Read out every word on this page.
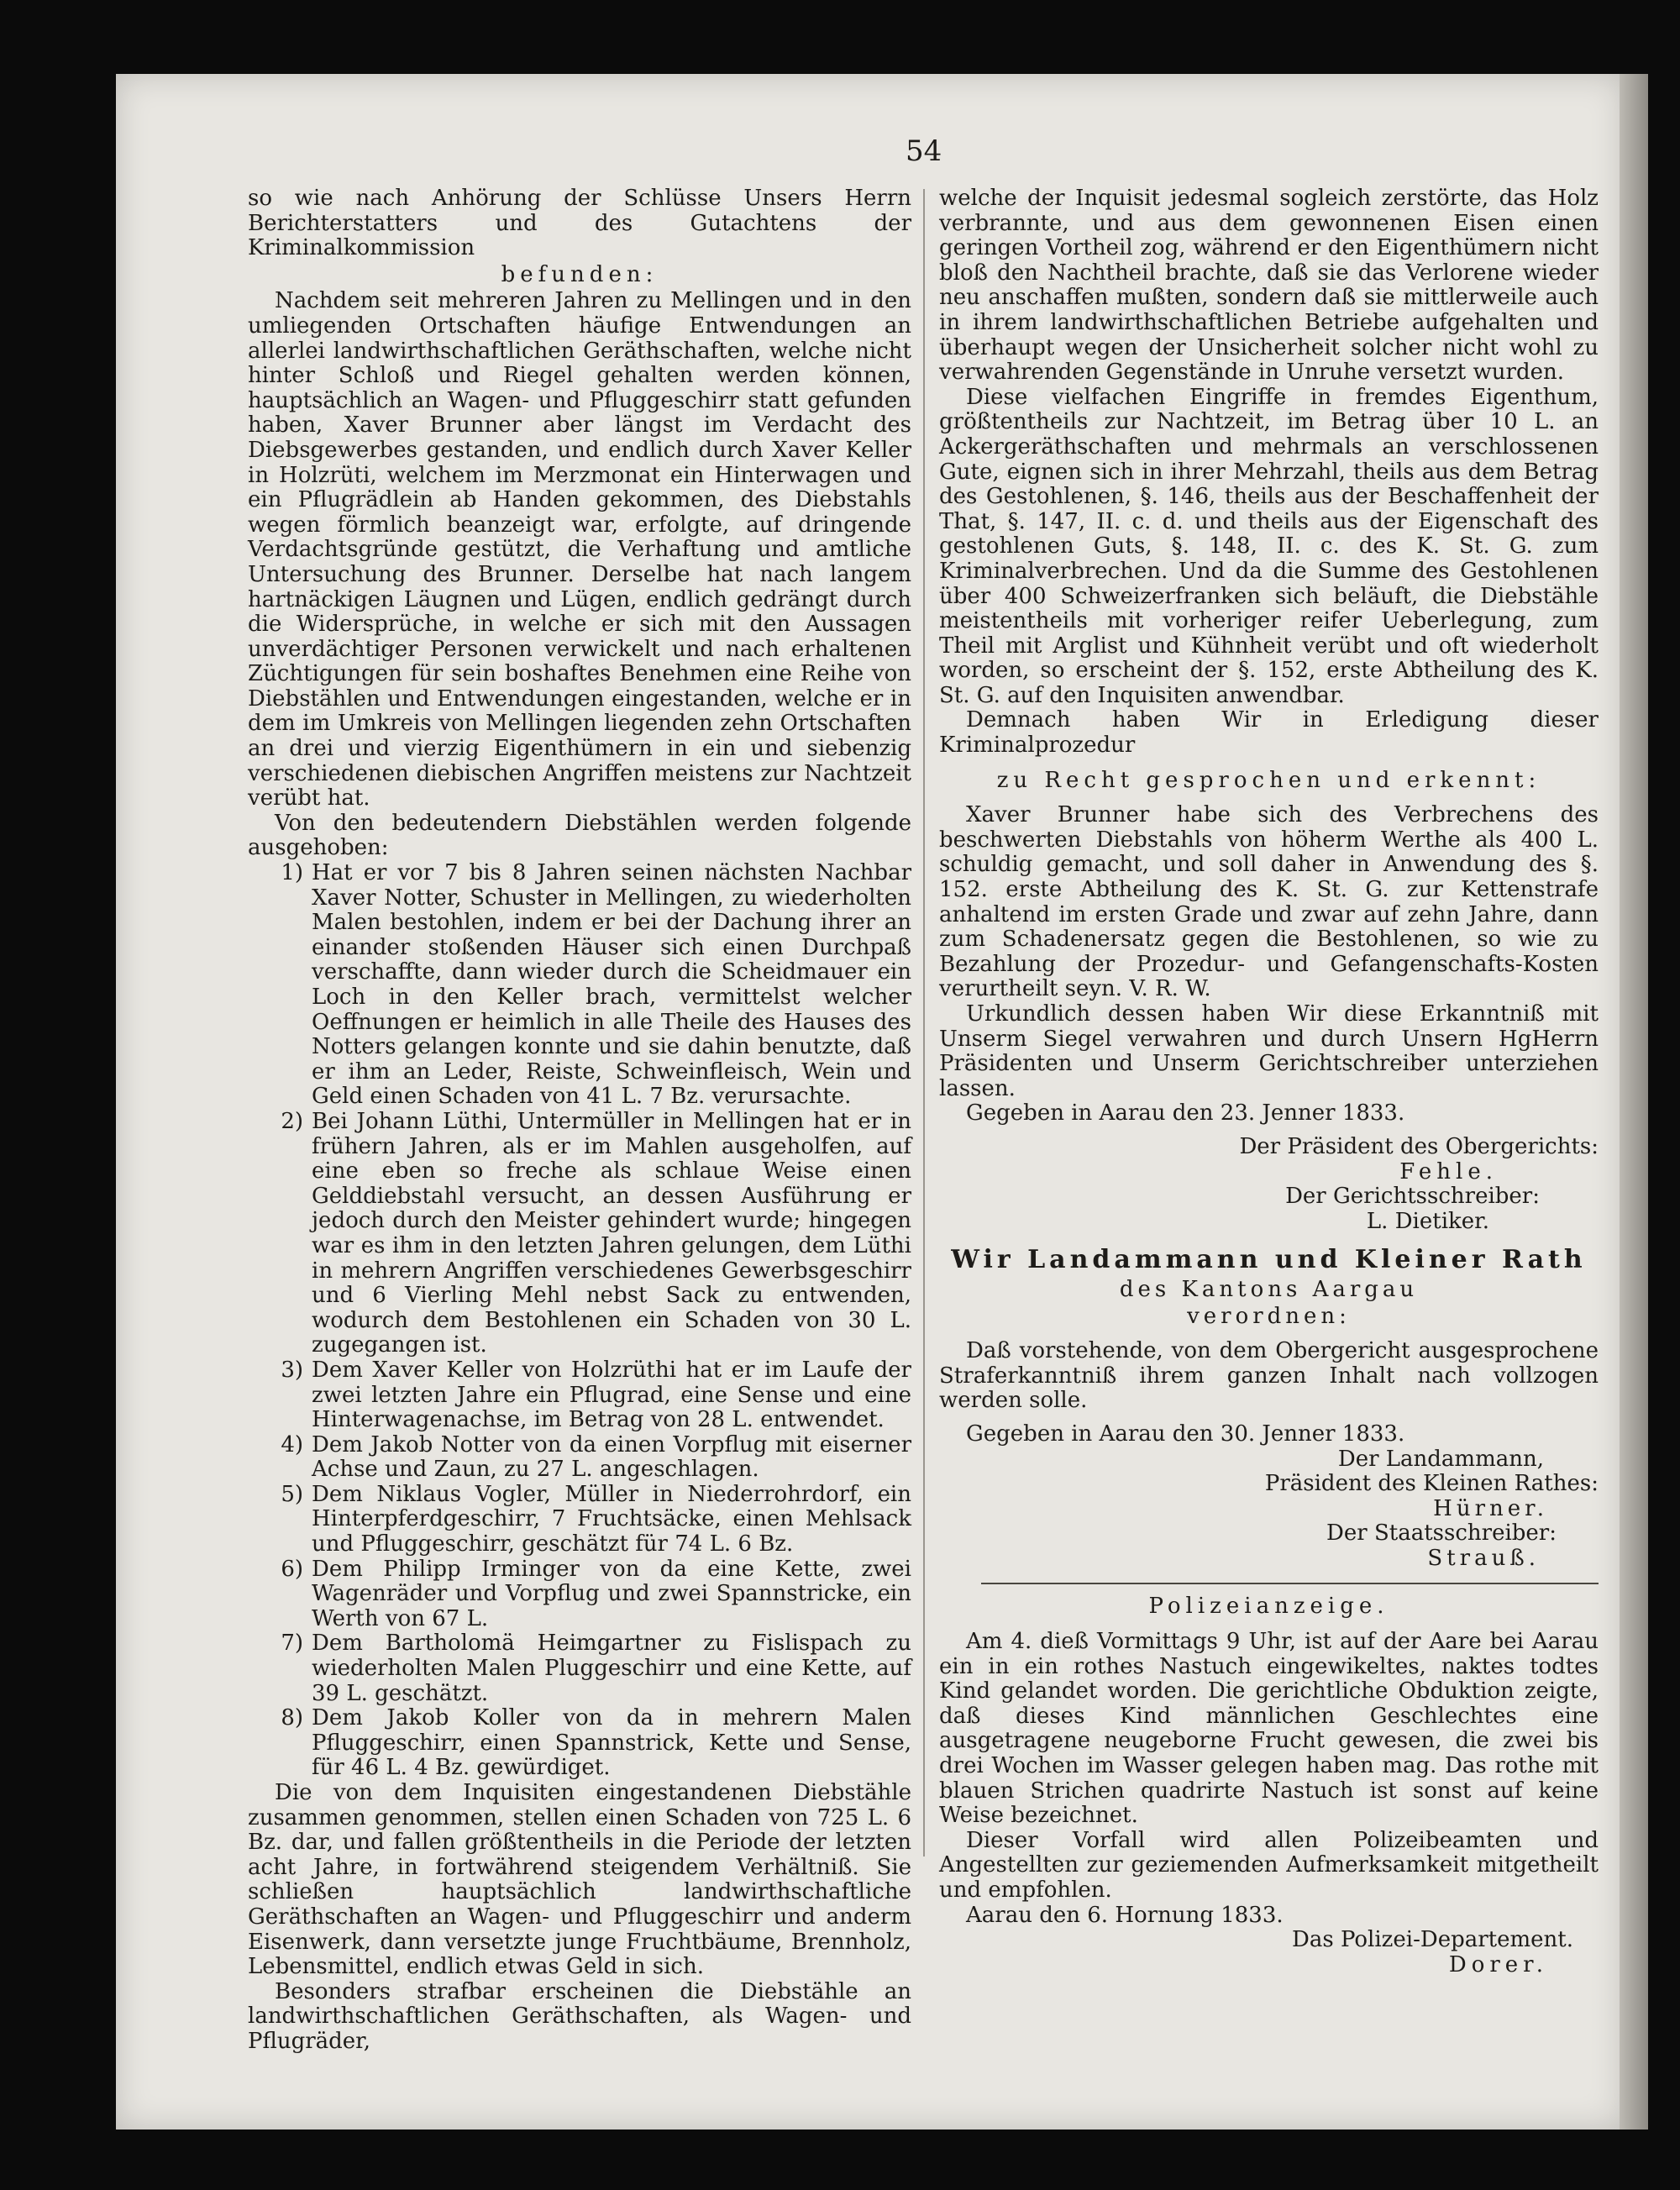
54

so wie nach Anhörung der Schlüsse Unsers Herrn Berichterstatters und des Gutachtens der Kriminalkommission

befunden:

Nachdem seit mehreren Jahren zu Mellingen und in den umliegenden Ortschaften häufige Entwendungen an allerlei landwirthschaftlichen Geräthschaften, welche nicht hinter Schloß und Riegel gehalten werden können, hauptsächlich an Wagen- und Pfluggeschirr statt gefunden haben, Xaver Brunner aber längst im Verdacht des Diebsgewerbes gestanden, und endlich durch Xaver Keller in Holzrüti, welchem im Merzmonat ein Hinterwagen und ein Pflugrädlein ab Handen gekommen, des Diebstahls wegen förmlich beanzeigt war, erfolgte, auf dringende Verdachtsgründe gestützt, die Verhaftung und amtliche Untersuchung des Brunner. Derselbe hat nach langem hartnäckigen Läugnen und Lügen, endlich gedrängt durch die Widersprüche, in welche er sich mit den Aussagen unverdächtiger Personen verwickelt und nach erhaltenen Züchtigungen für sein boshaftes Benehmen eine Reihe von Diebstählen und Entwendungen eingestanden, welche er in dem im Umkreis von Mellingen liegenden zehn Ortschaften an drei und vierzig Eigenthümern in ein und siebenzig verschiedenen diebischen Angriffen meistens zur Nachtzeit verübt hat.

Von den bedeutendern Diebstählen werden folgende ausgehoben:

1) Hat er vor 7 bis 8 Jahren seinen nächsten Nachbar Xaver Notter, Schuster in Mellingen, zu wiederholten Malen bestohlen, indem er bei der Dachung ihrer an einander stoßenden Häuser sich einen Durchpaß verschaffte, dann wieder durch die Scheidmauer ein Loch in den Keller brach, vermittelst welcher Oeffnungen er heimlich in alle Theile des Hauses des Notters gelangen konnte und sie dahin benutzte, daß er ihm an Leder, Reiste, Schweinfleisch, Wein und Geld einen Schaden von 41 L. 7 Bz. verursachte.
2) Bei Johann Lüthi, Untermüller in Mellingen hat er in frühern Jahren, als er im Mahlen ausgeholfen, auf eine eben so freche als schlaue Weise einen Gelddiebstahl versucht, an dessen Ausführung er jedoch durch den Meister gehindert wurde; hingegen war es ihm in den letzten Jahren gelungen, dem Lüthi in mehrern Angriffen verschiedenes Gewerbsgeschirr und 6 Vierling Mehl nebst Sack zu entwenden, wodurch dem Bestohlenen ein Schaden von 30 L. zugegangen ist.
3) Dem Xaver Keller von Holzrüthi hat er im Laufe der zwei letzten Jahre ein Pflugrad, eine Sense und eine Hinterwagenachse, im Betrag von 28 L. entwendet.
4) Dem Jakob Notter von da einen Vorpflug mit eiserner Achse und Zaun, zu 27 L. angeschlagen.
5) Dem Niklaus Vogler, Müller in Niederrohrdorf, ein Hinterpferdgeschirr, 7 Fruchtsäcke, einen Mehlsack und Pfluggeschirr, geschätzt für 74 L. 6 Bz.
6) Dem Philipp Irminger von da eine Kette, zwei Wagenräder und Vorpflug und zwei Spannstricke, ein Werth von 67 L.
7) Dem Bartholomä Heimgartner zu Fislispach zu wiederholten Malen Pluggeschirr und eine Kette, auf 39 L. geschätzt.
8) Dem Jakob Koller von da in mehrern Malen Pfluggeschirr, einen Spannstrick, Kette und Sense, für 46 L. 4 Bz. gewürdiget.

Die von dem Inquisiten eingestandenen Diebstähle zusammen genommen, stellen einen Schaden von 725 L. 6 Bz. dar, und fallen größtentheils in die Periode der letzten acht Jahre, in fortwährend steigendem Verhältniß. Sie schließen hauptsächlich landwirthschaftliche Geräthschaften an Wagen- und Pfluggeschirr und anderm Eisenwerk, dann versetzte junge Fruchtbäume, Brennholz, Lebensmittel, endlich etwas Geld in sich.

Besonders strafbar erscheinen die Diebstähle an landwirthschaftlichen Geräthschaften, als Wagen- und Pflugräder,

welche der Inquisit jedesmal sogleich zerstörte, das Holz verbrannte, und aus dem gewonnenen Eisen einen geringen Vortheil zog, während er den Eigenthümern nicht bloß den Nachtheil brachte, daß sie das Verlorene wieder neu anschaffen mußten, sondern daß sie mittlerweile auch in ihrem landwirthschaftlichen Betriebe aufgehalten und überhaupt wegen der Unsicherheit solcher nicht wohl zu verwahrenden Gegenstände in Unruhe versetzt wurden.

Diese vielfachen Eingriffe in fremdes Eigenthum, größtentheils zur Nachtzeit, im Betrag über 10 L. an Ackergeräthschaften und mehrmals an verschlossenen Gute, eignen sich in ihrer Mehrzahl, theils aus dem Betrag des Gestohlenen, §. 146, theils aus der Beschaffenheit der That, §. 147, II. c. d. und theils aus der Eigenschaft des gestohlenen Guts, §. 148, II. c. des K. St. G. zum Kriminalverbrechen. Und da die Summe des Gestohlenen über 400 Schweizerfranken sich beläuft, die Diebstähle meistentheils mit vorheriger reifer Ueberlegung, zum Theil mit Arglist und Kühnheit verübt und oft wiederholt worden, so erscheint der §. 152, erste Abtheilung des K. St. G. auf den Inquisiten anwendbar.

Demnach haben Wir in Erledigung dieser Kriminalprozedur

zu Recht gesprochen und erkennt:

Xaver Brunner habe sich des Verbrechens des beschwerten Diebstahls von höherm Werthe als 400 L. schuldig gemacht, und soll daher in Anwendung des §. 152. erste Abtheilung des K. St. G. zur Kettenstrafe anhaltend im ersten Grade und zwar auf zehn Jahre, dann zum Schadenersatz gegen die Bestohlenen, so wie zu Bezahlung der Prozedur- und Gefangenschafts-Kosten verurtheilt seyn. V. R. W.

Urkundlich dessen haben Wir diese Erkanntniß mit Unserm Siegel verwahren und durch Unsern HgHerrn Präsidenten und Unserm Gerichtschreiber unterziehen lassen.

Gegeben in Aarau den 23. Jenner 1833.

Der Präsident des Obergerichts:

Fehle.

Der Gerichtsschreiber:

L. Dietiker.

Wir Landammann und Kleiner Rath

des Kantons Aargau

verordnen:

Daß vorstehende, von dem Obergericht ausgesprochene Straferkanntniß ihrem ganzen Inhalt nach vollzogen werden solle.

Gegeben in Aarau den 30. Jenner 1833.

Der Landammann,

Präsident des Kleinen Rathes:

Hürner.

Der Staatsschreiber:

Strauß.

Polizeianzeige.

Am 4. dieß Vormittags 9 Uhr, ist auf der Aare bei Aarau ein in ein rothes Nastuch eingewikeltes, naktes todtes Kind gelandet worden. Die gerichtliche Obduktion zeigte, daß dieses Kind männlichen Geschlechtes eine ausgetragene neugeborne Frucht gewesen, die zwei bis drei Wochen im Wasser gelegen haben mag. Das rothe mit blauen Strichen quadrirte Nastuch ist sonst auf keine Weise bezeichnet.

Dieser Vorfall wird allen Polizeibeamten und Angestellten zur geziemenden Aufmerksamkeit mitgetheilt und empfohlen.

Aarau den 6. Hornung 1833.

Das Polizei-Departement.

Dorer.
